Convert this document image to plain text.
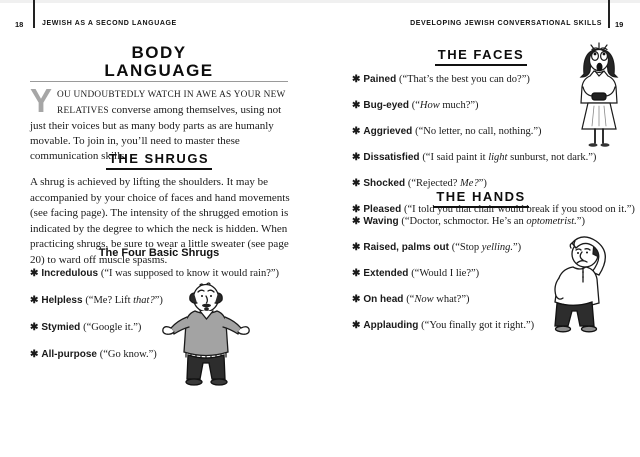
18	JEWISH AS A SECOND LANGUAGE
BODY
LANGUAGE
YOU UNDOUBTEDLY WATCH IN AWE AS YOUR NEW RELATIVES converse among themselves, using not just their voices but as many body parts as are humanly movable. To join in, you’ll need to master these communication skills.
THE SHRUGS
A shrug is achieved by lifting the shoulders. It may be accompanied by your choice of faces and hand movements (see facing page). The intensity of the shrugged emotion is indicated by the degree to which the neck is hidden. When practicing shrugs, be sure to wear a little sweater (see page 20) to ward off muscle spasms.
The Four Basic Shrugs
✱ Incredulous (“I was supposed to know it would rain?”)
✱ Helpless (“Me? Lift that?”)
✱ Stymied (“Google it.”)
✱ All-purpose (“Go know.”)
DEVELOPING JEWISH CONVERSATIONAL SKILLS 19
THE FACES
✱ Pained (“That’s the best you can do?”)
✱ Bug-eyed (“How much?”)
✱ Aggrieved (“No letter, no call, nothing.”)
✱ Dissatisfied (“I said paint it light sunburst, not dark.”)
✱ Shocked (“Rejected? Me?”)
✱ Pleased (“I told you that chair would break if you stood on it.”)
THE HANDS
✱ Waving (“Doctor, schmoctor. He’s an optometrist.”)
✱ Raised, palms out (“Stop yelling.”)
✱ Extended (“Would I lie?”)
✱ On head (“Now what?”)
✱ Applauding (“You finally got it right.”)
